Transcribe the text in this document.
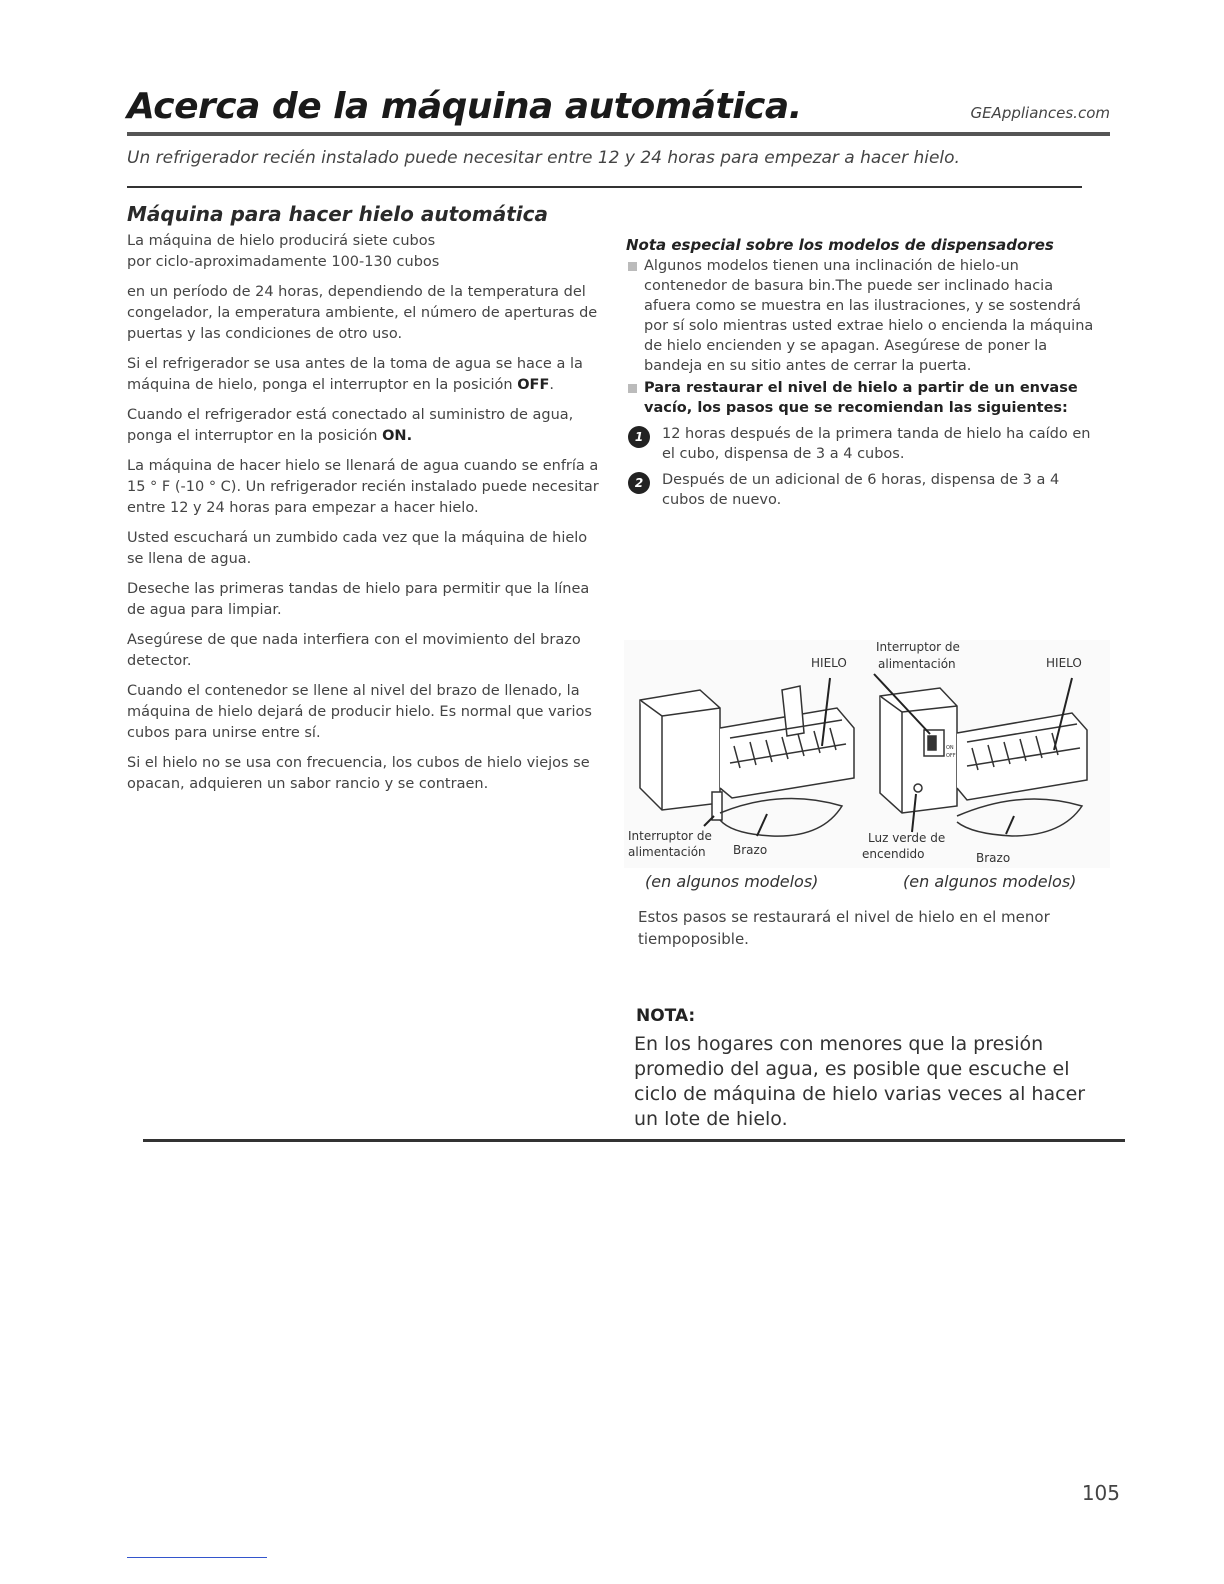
Acerca de la máquina automática.	GEAppliances.com
Un refrigerador recién instalado puede necesitar entre 12 y 24 horas para empezar a hacer hielo.
Máquina para hacer hielo automática

La máquina de hielo producirá siete cubos

por ciclo-aproximadamente 100-130 cubos

en un período de 24 horas, dependiendo de la temperatura del congelador, la emperatura ambiente, el número de aperturas de puertas y las condiciones de otro uso.

Si el refrigerador se usa antes de la toma de agua se hace a la máquina de hielo, ponga el interruptor en la posición OFF.

Cuando el refrigerador está conectado al suministro de agua, ponga el interruptor en la posición ON.

La máquina de hacer hielo se llenará de agua cuando se enfría a 15 ° F (-10 ° C). Un refrigerador recién instalado puede necesitar entre 12 y 24 horas para empezar a hacer hielo.

Usted escuchará un zumbido cada vez que la máquina de hielo se llena de agua.

Deseche las primeras tandas de hielo para permitir que la línea de agua para limpiar.

Asegúrese de que nada interfiera con el movimiento del brazo detector.

Cuando el contenedor se llene al nivel del brazo de llenado, la máquina de hielo dejará de producir hielo. Es normal que varios cubos para unirse entre sí.

Si el hielo no se usa con frecuencia, los cubos de hielo viejos se opacan, adquieren un sabor rancio y se contraen.

Nota especial sobre los modelos de dispensadores

Algunos modelos tienen una inclinación de hielo-un contenedor de basura bin.The puede ser inclinado hacia afuera como se muestra en las ilustraciones, y se sostendrá por sí solo mientras usted extrae hielo o encienda la máquina de hielo encienden y se apagan. Asegúrese de poner la bandeja en su sitio antes de cerrar la puerta.

Para restaurar el nivel de hielo a partir de un envase vacío, los pasos que se recomiendan las siguientes:

1	12 horas después de la primera tanda de hielo ha caído en el cubo, dispensa de 3 a 4 cubos.
2	Después de un adicional de 6 horas, dispensa de 3 a 4 cubos de nuevo.
ON
OFF
HIELO	HIELO
Interruptor de
alimentación
Interruptor de
alimentación Brazo
Luz verde de
encendido	Brazo
(en algunos modelos)	(en algunos modelos)
Estos pasos se restaurará el nivel de hielo en el menor tiempoposible.
NOTA:
En los hogares con menores que la presión promedio del agua, es posible que escuche el ciclo de máquina de hielo varias veces al hacer un lote de hielo.
105
